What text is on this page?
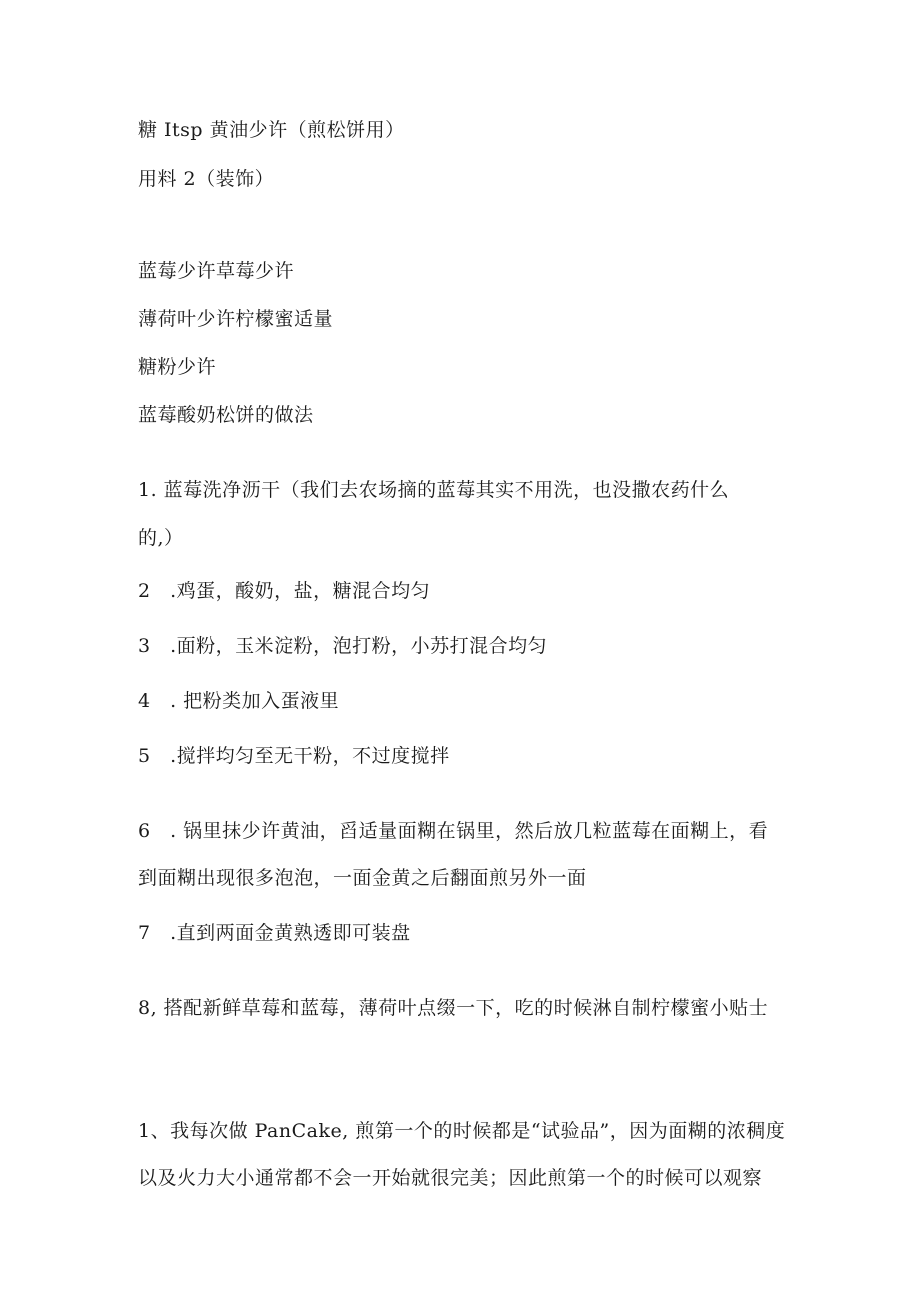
糖 Itsp 黄油少许（煎松饼用）
用料 2（装饰）
蓝莓少许草莓少许
薄荷叶少许柠檬蜜适量
糖粉少许
蓝莓酸奶松饼的做法
1. 蓝莓洗净沥干（我们去农场摘的蓝莓其实不用洗，也没撒农药什么
的,）
2　.鸡蛋，酸奶，盐，糖混合均匀
3　.面粉，玉米淀粉，泡打粉，小苏打混合均匀
4　. 把粉类加入蛋液里
5　.搅拌均匀至无干粉，不过度搅拌
6　. 锅里抹少许黄油，舀适量面糊在锅里，然后放几粒蓝莓在面糊上，看
到面糊出现很多泡泡，一面金黄之后翻面煎另外一面
7　.直到两面金黄熟透即可装盘
8, 搭配新鲜草莓和蓝莓，薄荷叶点缀一下，吃的时候淋自制柠檬蜜小贴士
1、我每次做 PanCake, 煎第一个的时候都是“试验品”，因为面糊的浓稠度
以及火力大小通常都不会一开始就很完美；因此煎第一个的时候可以观察
